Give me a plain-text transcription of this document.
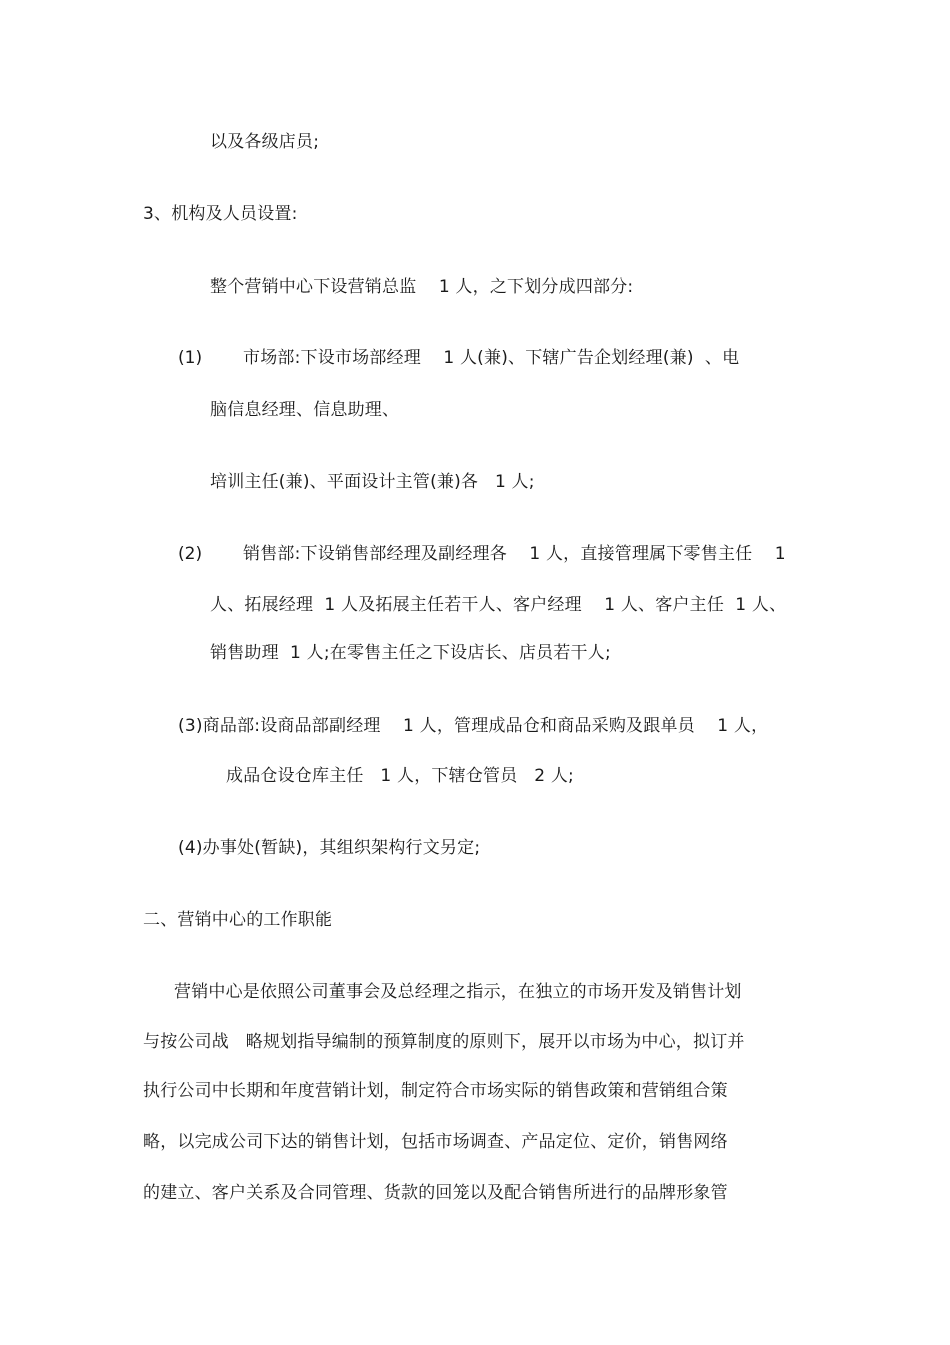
以及各级店员;
3、机构及人员设置:
整个营销中心下设营销总监    1 人，之下划分成四部分:
(1) 市场部:下设市场部经理    1 人(兼)、下辖广告企划经理(兼)  、电
脑信息经理、信息助理、
培训主任(兼)、平面设计主管(兼)各   1 人;
(2) 销售部:下设销售部经理及副经理各    1 人，直接管理属下零售主任    1
人、拓展经理  1 人及拓展主任若干人、客户经理    1 人、客户主任  1 人、
销售助理  1 人;在零售主任之下设店长、店员若干人;
(3)商品部:设商品部副经理    1 人，管理成品仓和商品采购及跟单员    1 人，
成品仓设仓库主任   1 人，下辖仓管员   2 人;
(4)办事处(暂缺)，其组织架构行文另定;
二、营销中心的工作职能
营销中心是依照公司董事会及总经理之指示，在独立的市场开发及销售计划
与按公司战   略规划指导编制的预算制度的原则下，展开以市场为中心，拟订并
执行公司中长期和年度营销计划，制定符合市场实际的销售政策和营销组合策
略，以完成公司下达的销售计划，包括市场调查、产品定位、定价，销售网络
的建立、客户关系及合同管理、货款的回笼以及配合销售所进行的品牌形象管
